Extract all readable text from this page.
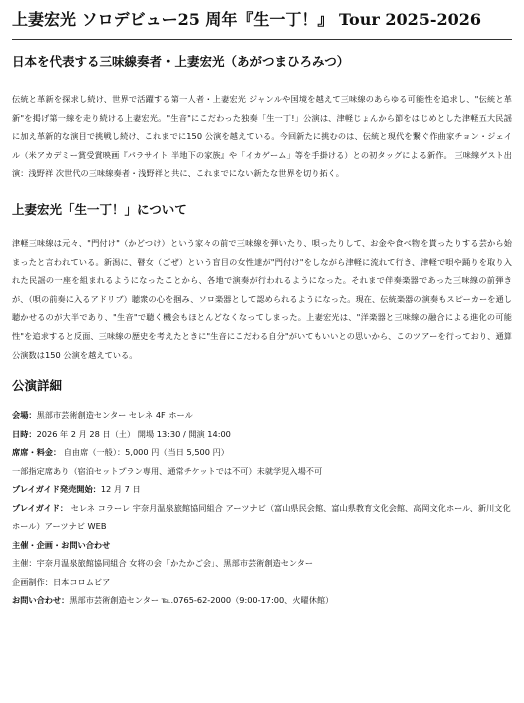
上妻宏光 ソロデビュー25 周年『生一丁！』 Tour 2025-2026
日本を代表する三味線奏者・上妻宏光（あがつまひろみつ）

伝統と革新を探求し続け、世界で活躍する第一人者・上妻宏光 ジャンルや国境を越えて三味線のあらゆる可能性を追求し、"伝統と革新"を掲げ第一線を走り続ける上妻宏光。"生音"にこだわった独奏「生一丁!」公演は、津軽じょんから節をはじめとした津軽五大民謡に加え革新的な演目で挑戦し続け、これまでに150 公演を越えている。今回新たに挑むのは、伝統と現代を繋ぐ作曲家チョン・ジェイル（米アカデミー賞受賞映画『パラサイト 半地下の家族』や「イカゲーム」等を手掛ける）との初タッグによる新作。 三味線ゲスト出演：浅野祥 次世代の三味線奏者・浅野祥と共に、これまでにない新たな世界を切り拓く。

上妻宏光「生一丁！」について

津軽三味線は元々、"門付け"（かどつけ）という家々の前で三味線を弾いたり、唄ったりして、お金や食べ物を貰ったりする芸から始まったと言われている。新潟に、瞽女（ごぜ）という盲目の女性達が"門付け"をしながら津軽に流れて行き、津軽で唄や踊りを取り入れた民謡の一座を組まれるようになったことから、各地で演奏が行われるようになった。それまで伴奏楽器であった三味線の前弾きが、（唄の前奏に入るアドリブ）聴衆の心を掴み、ソロ楽器として認められるようになった。現在、伝統楽器の演奏もスピーカーを通し聴かせるのが大半であり、"生音"で聴く機会もほとんどなくなってしまった。上妻宏光は、"洋楽器と三味線の融合による進化の可能性"を追求すると反面、三味線の歴史を考えたときに"生音にこだわる自分"がいてもいいとの思いから、このツアーを行っており、通算公演数は150 公演を越えている。

公演詳細
会場：黒部市芸術創造センター セレネ 4F ホール
日時：2026 年 2 月 28 日（土） 開場 13:30 / 開演 14:00
席席・料金： 自由席（一般）：5,000 円（当日 5,500 円）
一部指定席あり（宿泊セットプラン専用、通常チケットでは不可）未就学児入場不可
プレイガイド発売開始：12 月 7 日
プレイガイド： セレネ コラーレ 宇奈月温泉旅館協同組合 アーツナビ（富山県民会館、富山県教育文化会館、高岡文化ホール、新川文化ホール）アーツナビ WEB
主催・企画・お問い合わせ
主催：宇奈月温泉旅館協同組合 女将の会「かたかご会」、黒部市芸術創造センター
企画制作：日本コロムビア
お問い合わせ：黒部市芸術創造センター ℡.0765-62-2000（9:00-17:00、火曜休館）
